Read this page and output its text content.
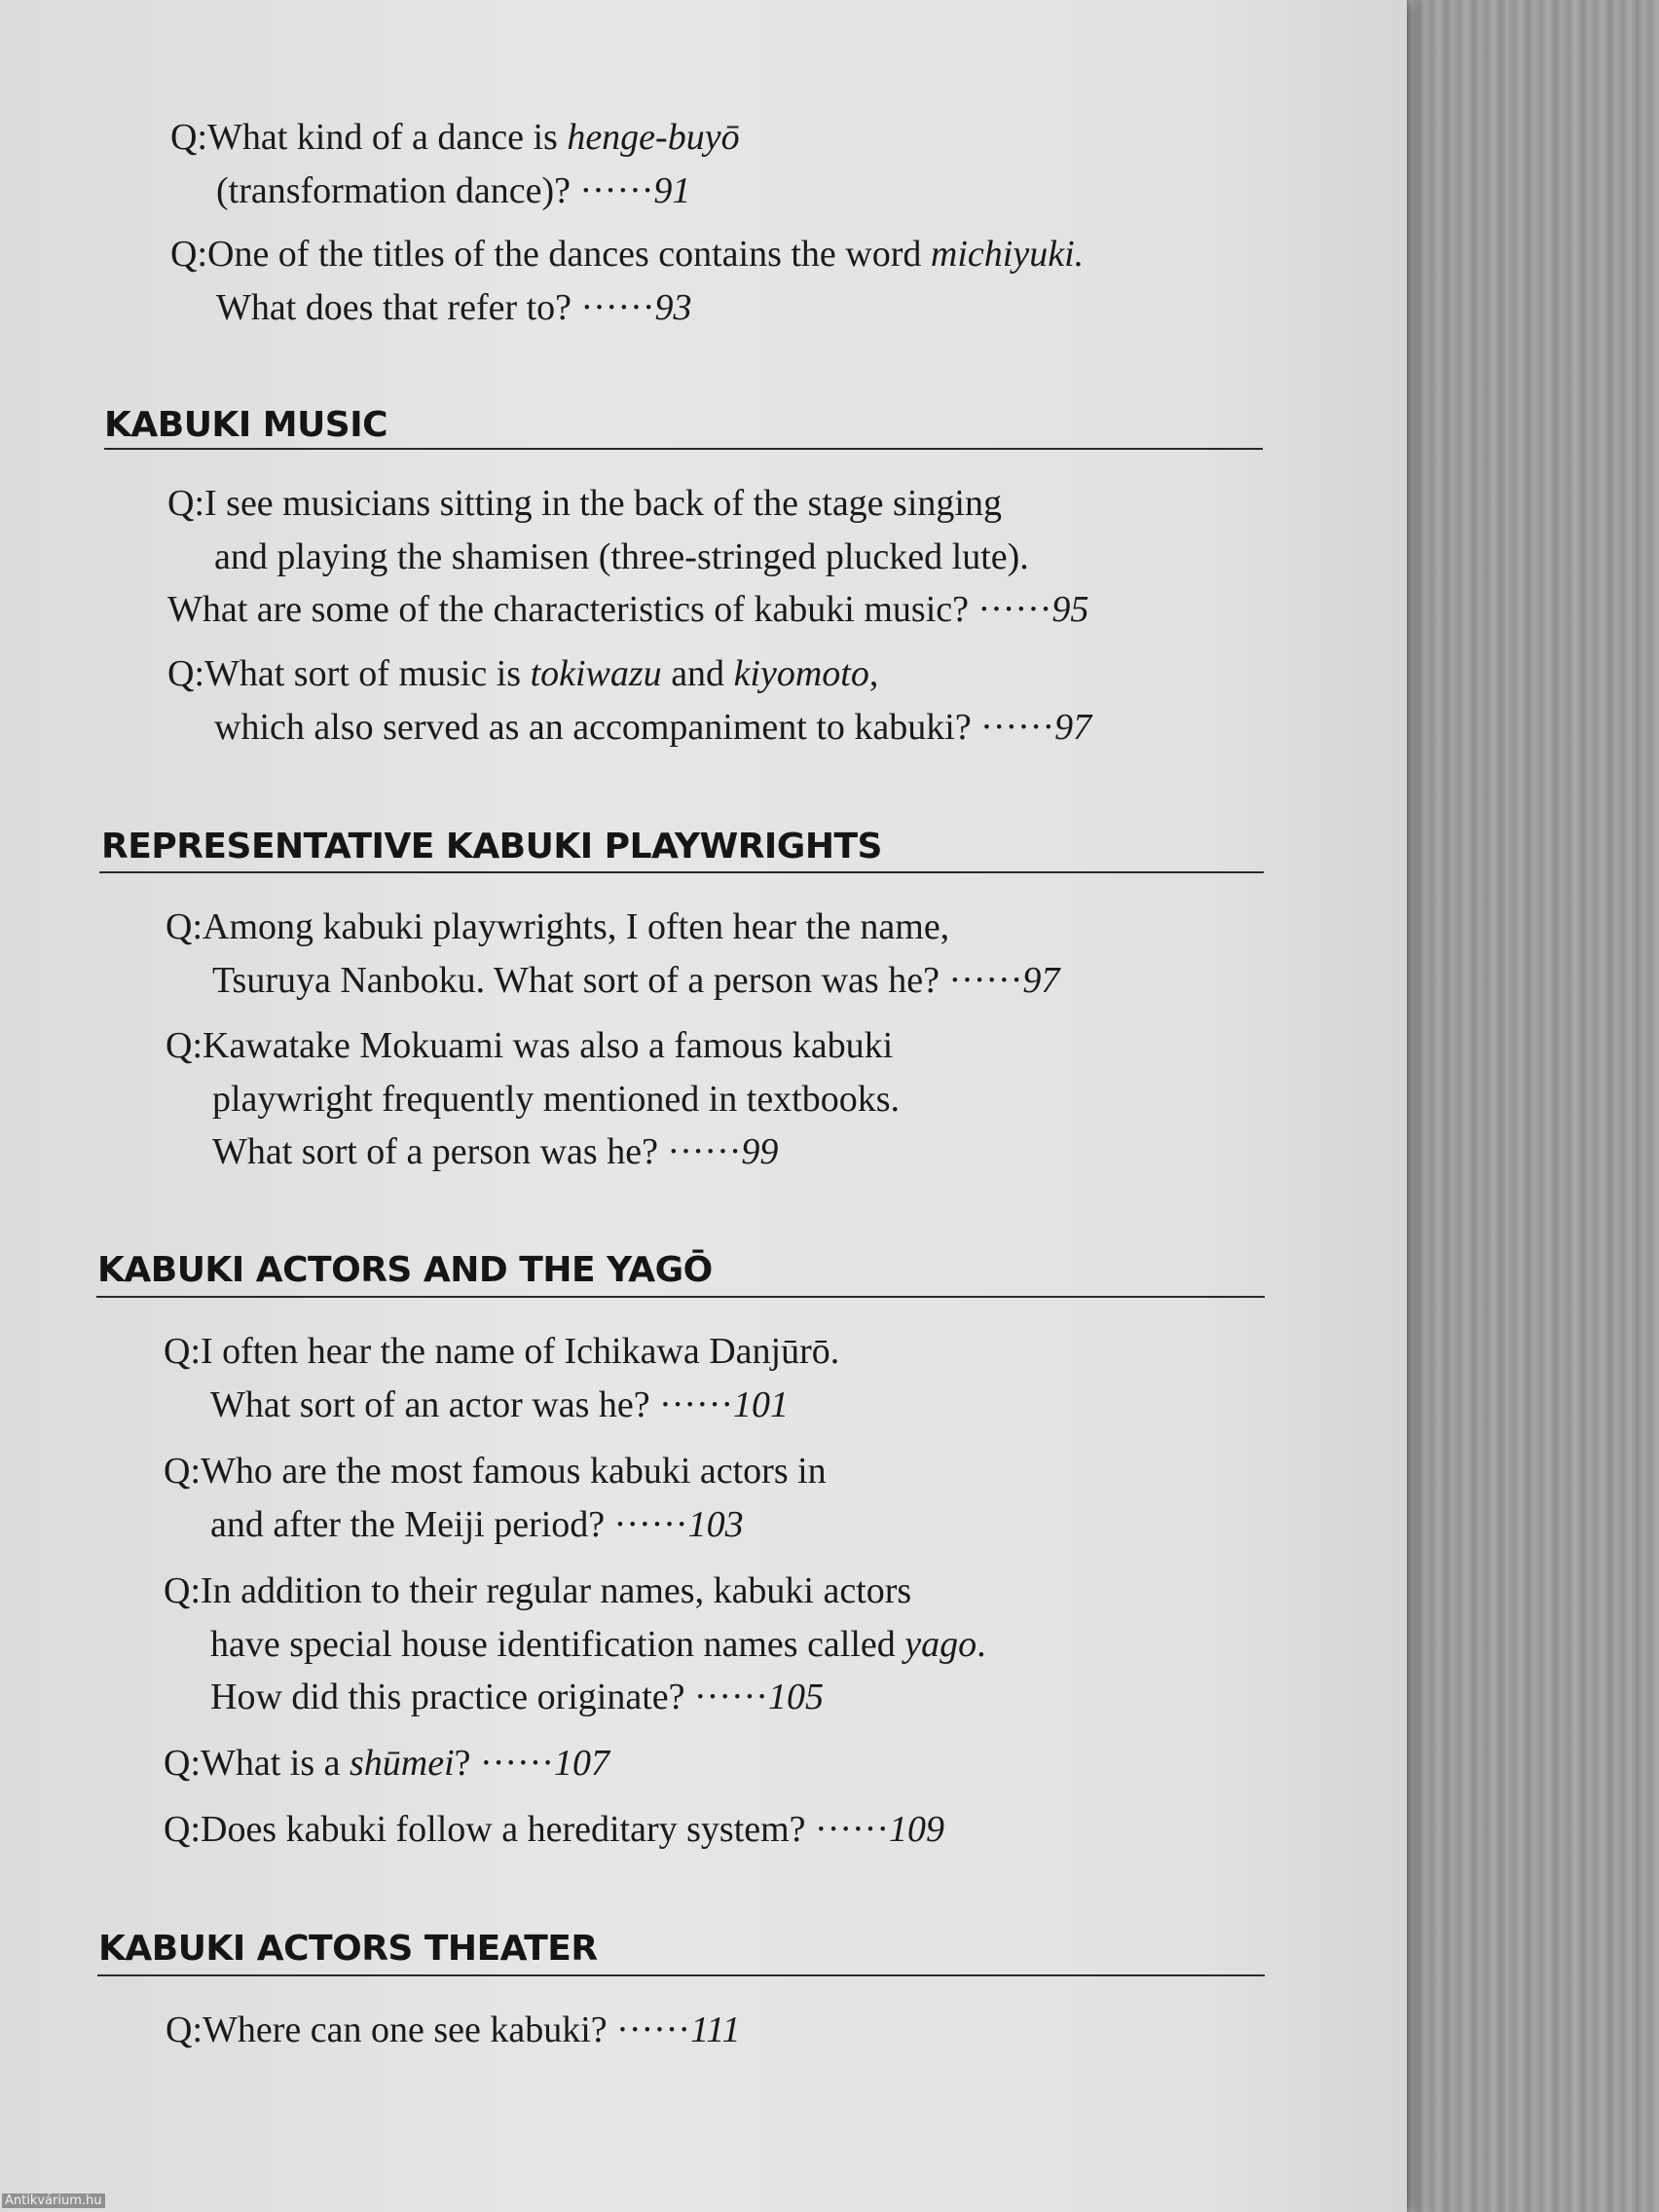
Q:What kind of a dance is henge-buyō
(transformation dance)? ······91
Q:One of the titles of the dances contains the word michiyuki.
What does that refer to? ······93
KABUKI MUSIC
Q:I see musicians sitting in the back of the stage singing
and playing the shamisen (three-stringed plucked lute).
What are some of the characteristics of kabuki music? ······95
Q:What sort of music is tokiwazu and kiyomoto,
which also served as an accompaniment to kabuki? ······97
REPRESENTATIVE KABUKI PLAYWRIGHTS
Q:Among kabuki playwrights, I often hear the name,
Tsuruya Nanboku. What sort of a person was he? ······97
Q:Kawatake Mokuami was also a famous kabuki
playwright frequently mentioned in textbooks.
What sort of a person was he? ······99
KABUKI ACTORS AND THE YAGŌ
Q:I often hear the name of Ichikawa Danjūrō.
What sort of an actor was he? ······101
Q:Who are the most famous kabuki actors in
and after the Meiji period? ······103
Q:In addition to their regular names, kabuki actors
have special house identification names called yago.
How did this practice originate? ······105
Q:What is a shūmei? ······107
Q:Does kabuki follow a hereditary system? ······109
KABUKI ACTORS THEATER
Q:Where can one see kabuki? ······111
Antikvárium.hu
